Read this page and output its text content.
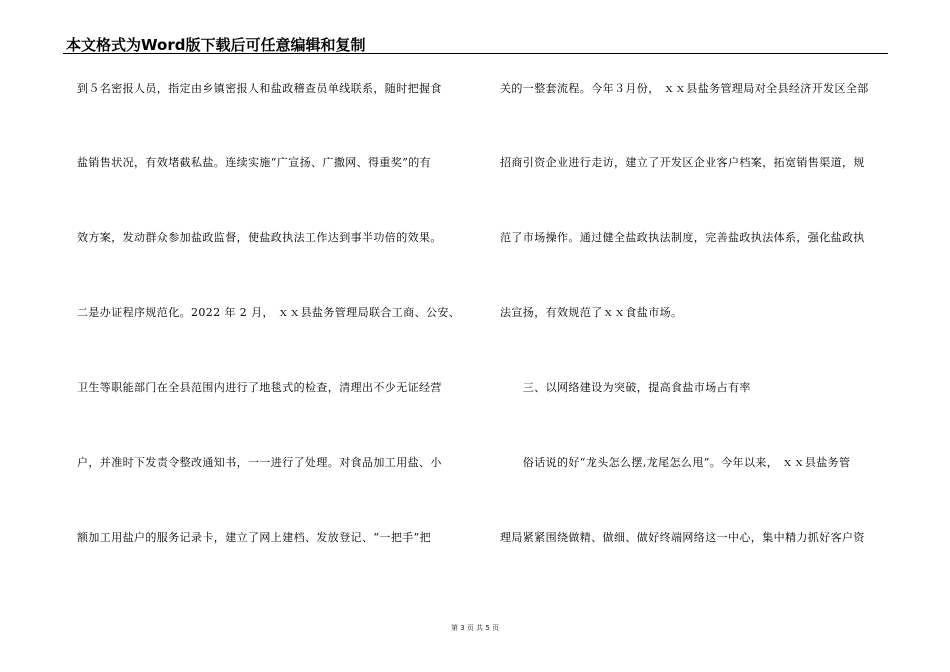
本文格式为Word版下载后可任意编辑和复制
到５名密报人员，指定由乡镇密报人和盐政稽查员单线联系，随时把握食
盐销售状况，有效堵截私盐。连续实施“广宣扬、广撒网、得重奖”的有
效方案，发动群众参加盐政监督，使盐政执法工作达到事半功倍的效果。
二是办证程序规范化。2022 年 2 月， ｘｘ县盐务管理局联合工商、公安、
卫生等职能部门在全县范围内进行了地毯式的检查，清理出不少无证经营
户，并准时下发责令整改通知书，一一进行了处理。对食品加工用盐、小
额加工用盐户的服务记录卡，建立了网上建档、发放登记、“一把手”把
关的一整套流程。今年３月份， ｘｘ县盐务管理局对全县经济开发区全部
招商引资企业进行走访，建立了开发区企业客户档案，拓宽销售渠道，规
范了市场操作。通过健全盐政执法制度，完善盐政执法体系，强化盐政执
法宣扬，有效规范了ｘｘ食盐市场。
　　三、以网络建设为突破，提高食盐市场占有率
　　俗话说的好“龙头怎么摆,龙尾怎么甩”。今年以来， ｘｘ县盐务管
理局紧紧围绕做精、做细、做好终端网络这一中心，集中精力抓好客户资
第 3 页 共 5 页
